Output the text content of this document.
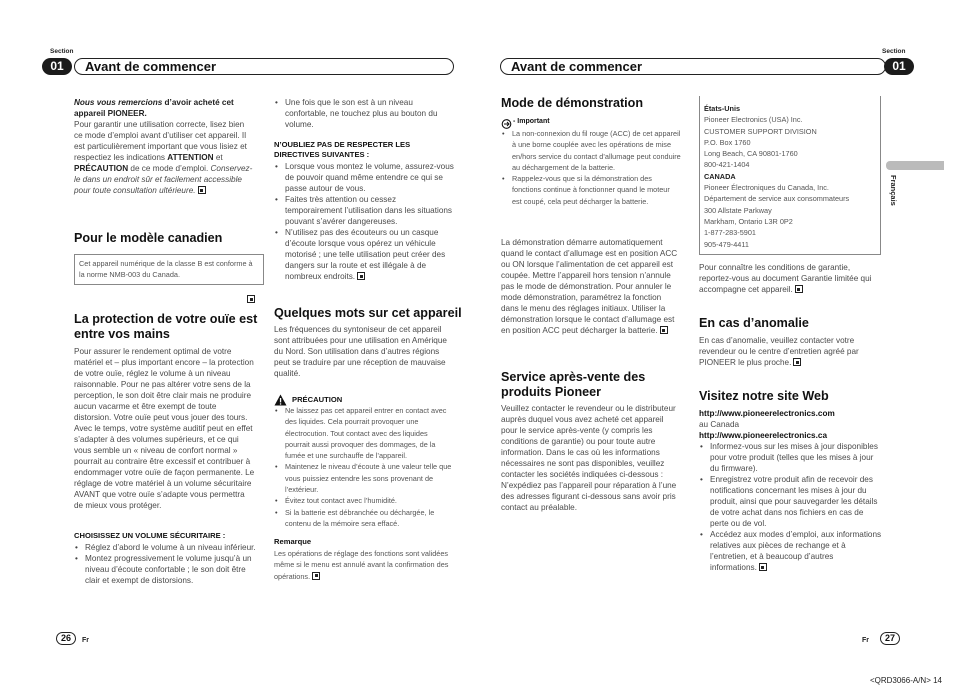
Section
01	Avant de commencer
Section
Avant de commencer	01
Français
Nous vous remercions d’avoir acheté cet appareil PIONEER.
Pour garantir une utilisation correcte, lisez bien ce mode d’emploi avant d’utiliser cet appareil. Il est particulièrement important que vous lisiez et respectiez les indications ATTENTION et PRÉCAUTION de ce mode d’emploi. Conservez-le dans un endroit sûr et facilement accessible pour toute consultation ultérieure.
Pour le modèle canadien
Cet appareil numérique de la classe B est conforme à la norme NMB-003 du Canada.
La protection de votre ouïe est entre vos mains
Pour assurer le rendement optimal de votre matériel et – plus important encore – la protection de votre ouïe, réglez le volume à un niveau raisonnable. Pour ne pas altérer votre sens de la perception, le son doit être clair mais ne produire aucun vacarme et être exempt de toute distorsion. Votre ouïe peut vous jouer des tours. Avec le temps, votre système auditif peut en effet s’adapter à des volumes supérieurs, et ce qui vous semble un « niveau de confort normal » pourrait au contraire être excessif et contribuer à endommager votre ouïe de façon permanente. Le réglage de votre matériel à un volume sécuritaire AVANT que votre ouïe s’adapte vous permettra de mieux vous protéger.
CHOISISSEZ UN VOLUME SÉCURITAIRE :
• Réglez d’abord le volume à un niveau inférieur.
• Montez progressivement le volume jusqu’à un niveau d’écoute confortable ; le son doit être clair et exempt de distorsions.
• Une fois que le son est à un niveau confortable, ne touchez plus au bouton du volume.
N’OUBLIEZ PAS DE RESPECTER LES DIRECTIVES SUIVANTES :
• Lorsque vous montez le volume, assurez-vous de pouvoir quand même entendre ce qui se passe autour de vous.
• Faites très attention ou cessez temporairement l’utilisation dans les situations pouvant s’avérer dangereuses.
• N’utilisez pas des écouteurs ou un casque d’écoute lorsque vous opérez un véhicule motorisé ; une telle utilisation peut créer des dangers sur la route et est illégale à de nombreux endroits.
Quelques mots sur cet appareil
Les fréquences du syntoniseur de cet appareil sont attribuées pour une utilisation en Amérique du Nord. Son utilisation dans d’autres régions peut se traduire par une réception de mauvaise qualité.
PRÉCAUTION
• Ne laissez pas cet appareil entrer en contact avec des liquides. Cela pourrait provoquer une électrocution. Tout contact avec des liquides pourrait aussi provoquer des dommages, de la fumée et une surchauffe de l’appareil.
• Maintenez le niveau d’écoute à une valeur telle que vous puissiez entendre les sons provenant de l’extérieur.
• Évitez tout contact avec l’humidité.
• Si la batterie est débranchée ou déchargée, le contenu de la mémoire sera effacé.
Remarque
Les opérations de réglage des fonctions sont validées même si le menu est annulé avant la confirmation des opérations.
Mode de démonstration
- Important
• La non-connexion du fil rouge (ACC) de cet appareil à une borne couplée avec les opérations de mise en/hors service du contact d’allumage peut conduire au déchargement de la batterie.
• Rappelez-vous que si la démonstration des fonctions continue à fonctionner quand le moteur est coupé, cela peut décharger la batterie.
La démonstration démarre automatiquement quand le contact d’allumage est en position ACC ou ON lorsque l’alimentation de cet appareil est coupée. Mettre l’appareil hors tension n’annule pas le mode de démonstration. Pour annuler le mode démonstration, paramétrez la fonction dans le menu des réglages initiaux. Utiliser la démonstration lorsque le contact d’allumage est en position ACC peut décharger la batterie.
Service après-vente des produits Pioneer
Veuillez contacter le revendeur ou le distributeur auprès duquel vous avez acheté cet appareil pour le service après-vente (y compris les conditions de garantie) ou pour toute autre information. Dans le cas où les informations nécessaires ne sont pas disponibles, veuillez contacter les sociétés indiquées ci-dessous : N’expédiez pas l’appareil pour réparation à l’une des adresses figurant ci-dessous sans avoir pris contact au préalable.
États-Unis
Pioneer Electronics (USA) Inc.
CUSTOMER SUPPORT DIVISION
P.O. Box 1760
Long Beach, CA 90801-1760
800-421-1404
CANADA
Pioneer Électroniques du Canada, Inc.
Département de service aux consommateurs
300 Allstate Parkway
Markham, Ontario L3R 0P2
1-877-283-5901
905-479-4411
Pour connaître les conditions de garantie, reportez-vous au document Garantie limitée qui accompagne cet appareil.
En cas d’anomalie
En cas d’anomalie, veuillez contacter votre revendeur ou le centre d’entretien agréé par PIONEER le plus proche.
Visitez notre site Web
http://www.pioneerelectronics.com
au Canada
http://www.pioneerelectronics.ca
• Informez-vous sur les mises à jour disponibles pour votre produit (telles que les mises à jour du firmware).
• Enregistrez votre produit afin de recevoir des notifications concernant les mises à jour du produit, ainsi que pour sauvegarder les détails de votre achat dans nos fichiers en cas de perte ou de vol.
• Accédez aux modes d’emploi, aux informations relatives aux pièces de rechange et à l’entretien, et à beaucoup d’autres informations.
26	Fr	Fr	27
<QRD3066-A/N> 14
